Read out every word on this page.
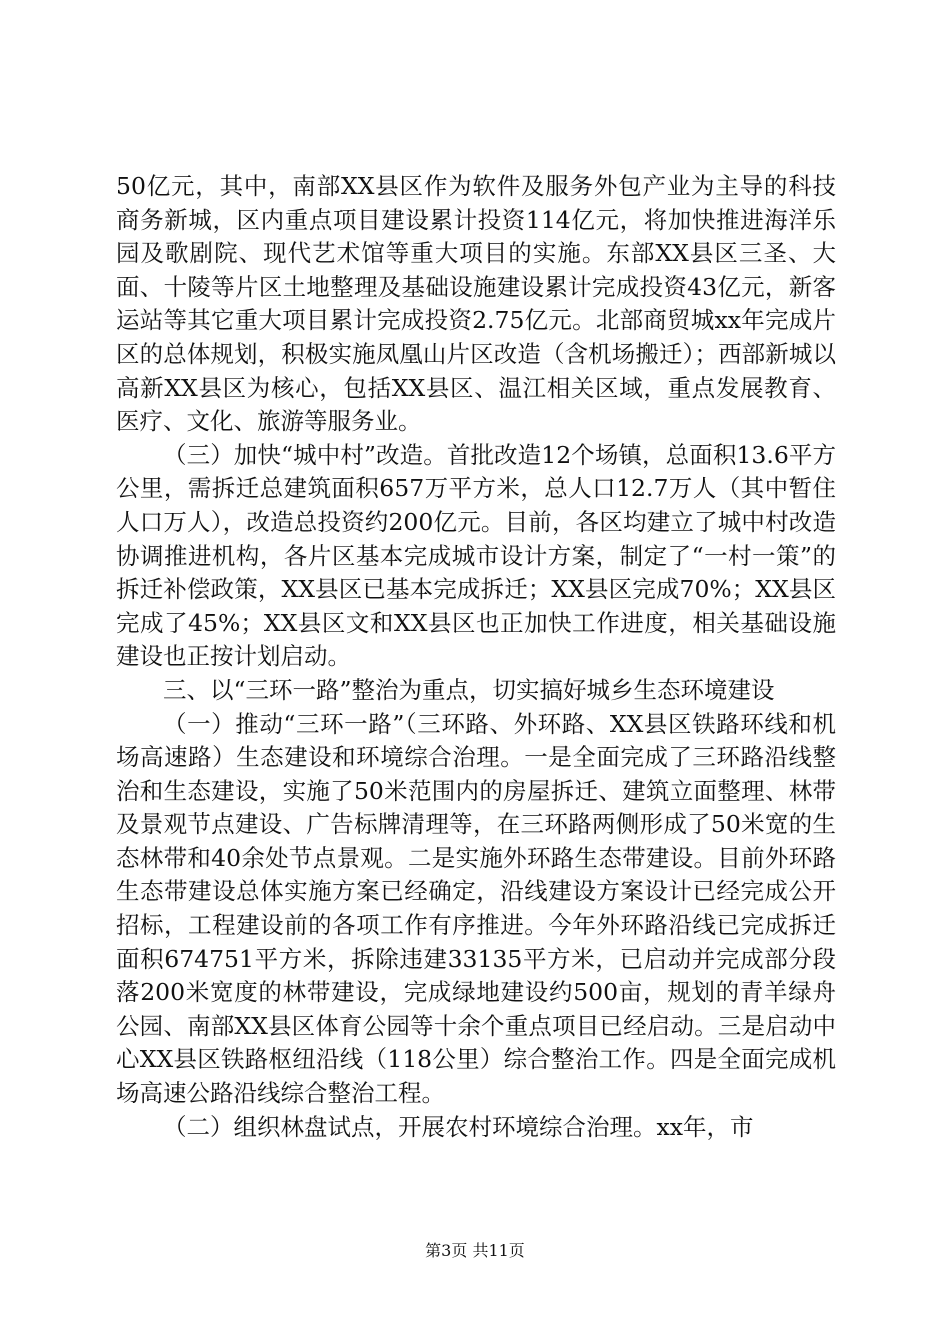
50亿元，其中，南部XX县区作为软件及服务外包产业为主导的科技商务新城，区内重点项目建设累计投资114亿元，将加快推进海洋乐园及歌剧院、现代艺术馆等重大项目的实施。东部XX县区三圣、大面、十陵等片区土地整理及基础设施建设累计完成投资43亿元，新客运站等其它重大项目累计完成投资2.75亿元。北部商贸城xx年完成片区的总体规划，积极实施凤凰山片区改造（含机场搬迁）；西部新城以高新XX县区为核心，包括XX县区、温江相关区域，重点发展教育、医疗、文化、旅游等服务业。

（三）加快“城中村”改造。首批改造12个场镇，总面积13.6平方公里，需拆迁总建筑面积657万平方米，总人口12.7万人（其中暂住人口万人），改造总投资约200亿元。目前，各区均建立了城中村改造协调推进机构，各片区基本完成城市设计方案，制定了“一村一策”的拆迁补偿政策，XX县区已基本完成拆迁；XX县区完成70%；XX县区完成了45%；XX县区文和XX县区也正加快工作进度，相关基础设施建设也正按计划启动。

三、以“三环一路”整治为重点，切实搞好城乡生态环境建设

（一）推动“三环一路”（三环路、外环路、XX县区铁路环线和机场高速路）生态建设和环境综合治理。一是全面完成了三环路沿线整治和生态建设，实施了50米范围内的房屋拆迁、建筑立面整理、林带及景观节点建设、广告标牌清理等，在三环路两侧形成了50米宽的生态林带和40余处节点景观。二是实施外环路生态带建设。目前外环路生态带建设总体实施方案已经确定，沿线建设方案设计已经完成公开招标，工程建设前的各项工作有序推进。今年外环路沿线已完成拆迁面积674751平方米，拆除违建33135平方米，已启动并完成部分段落200米宽度的林带建设，完成绿地建设约500亩，规划的青羊绿舟公园、南部XX县区体育公园等十余个重点项目已经启动。三是启动中心XX县区铁路枢纽沿线（118公里）综合整治工作。四是全面完成机场高速公路沿线综合整治工程。

（二）组织林盘试点，开展农村环境综合治理。xx年，市

第3页 共11页
